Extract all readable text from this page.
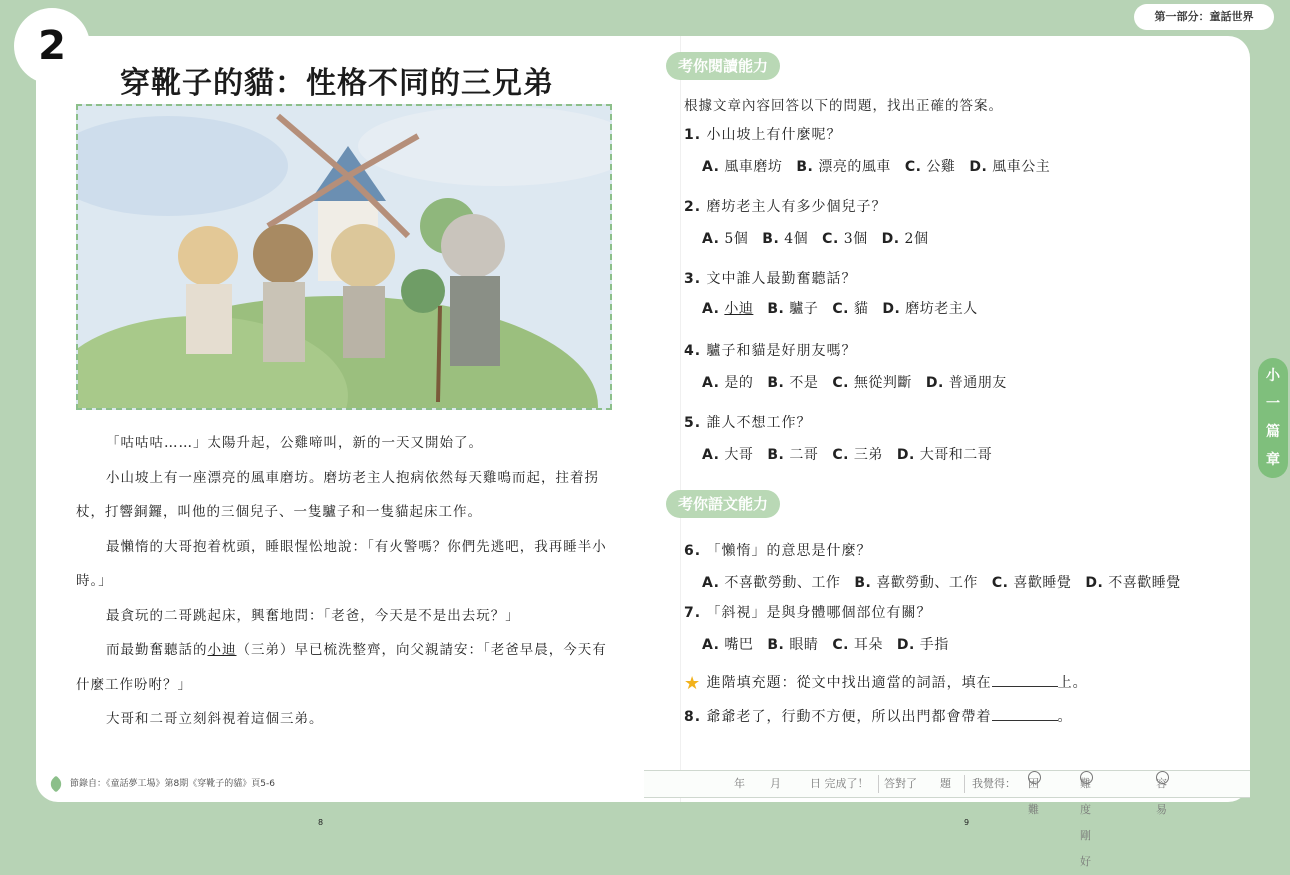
第一部分：童話世界
2
穿靴子的貓：性格不同的三兄弟

「咕咕咕……」太陽升起，公雞啼叫，新的一天又開始了。

小山坡上有一座漂亮的風車磨坊。磨坊老主人抱病依然每天雞鳴而起，拄着拐杖，打響銅鑼，叫他的三個兒子、一隻驢子和一隻貓起床工作。

最懶惰的大哥抱着枕頭，睡眼惺忪地說：「有火警嗎？你們先逃吧，我再睡半小時。」

最貪玩的二哥跳起床，興奮地問：「老爸，今天是不是出去玩？」

而最勤奮聽話的小迪（三弟）早已梳洗整齊，向父親請安：「老爸早晨，今天有什麼工作吩咐？」

大哥和二哥立刻斜視着這個三弟。

節錄自：《童話夢工場》第8期《穿靴子的貓》頁5-6
8
考你閱讀能力
根據文章內容回答以下的問題，找出正確的答案。
1. 小山坡上有什麼呢？
A. 風車磨坊 B. 漂亮的風車 C. 公雞 D. 風車公主
2. 磨坊老主人有多少個兒子？
A. 5個 B. 4個 C. 3個 D. 2個
3. 文中誰人最勤奮聽話？
A. 小迪 B. 驢子 C. 貓 D. 磨坊老主人
4. 驢子和貓是好朋友嗎？
A. 是的 B. 不是 C. 無從判斷 D. 普通朋友
5. 誰人不想工作？
A. 大哥 B. 二哥 C. 三弟 D. 大哥和二哥
6. 「懶惰」的意思是什麼？
A. 不喜歡勞動、工作 B. 喜歡勞動、工作 C. 喜歡睡覺 D. 不喜歡睡覺
7. 「斜視」是與身體哪個部位有關？
A. 嘴巴 B. 眼睛 C. 耳朵 D. 手指
考你語文能力
★ 進階填充題：從文中找出適當的詞語，填在	上。
8. 爺爺老了，行動不方便，所以出門都會帶着	。
年 月	日 完成了！ 答對了 題 我覺得： 困難
難度剛好
容易
9
小
一
篇
章
